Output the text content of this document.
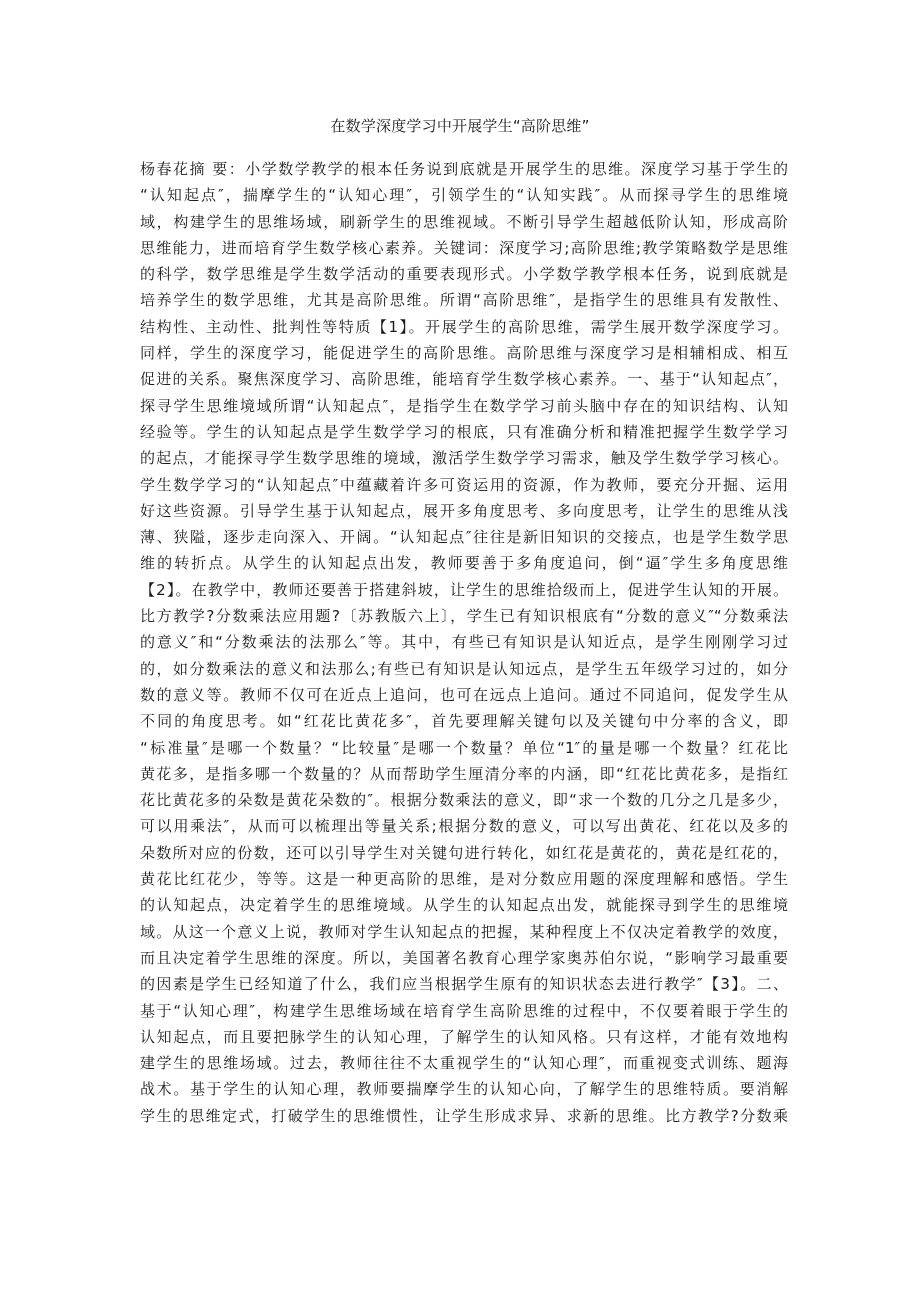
在数学深度学习中开展学生“高阶思维”
杨春花摘 要：小学数学教学的根本任务说到底就是开展学生的思维。深度学习基于学生的
“认知起点″，揣摩学生的“认知心理″，引领学生的“认知实践″。从而探寻学生的思维境
域，构建学生的思维场域，刷新学生的思维视域。不断引导学生超越低阶认知，形成高阶
思维能力，进而培育学生数学核心素养。关键词：深度学习;高阶思维;教学策略数学是思维
的科学，数学思维是学生数学活动的重要表现形式。小学数学教学根本任务，说到底就是
培养学生的数学思维，尤其是高阶思维。所谓“高阶思维″，是指学生的思维具有发散性、
结构性、主动性、批判性等特质【1】。开展学生的高阶思维，需学生展开数学深度学习。
同样，学生的深度学习，能促进学生的高阶思维。高阶思维与深度学习是相辅相成、相互
促进的关系。聚焦深度学习、高阶思维，能培育学生数学核心素养。一、基于“认知起点″，
探寻学生思维境域所谓“认知起点″，是指学生在数学学习前头脑中存在的知识结构、认知
经验等。学生的认知起点是学生数学学习的根底，只有准确分析和精准把握学生数学学习
的起点，才能探寻学生数学思维的境域，激活学生数学学习需求，触及学生数学学习核心。
学生数学学习的“认知起点″中蕴藏着许多可资运用的资源，作为教师，要充分开掘、运用
好这些资源。引导学生基于认知起点，展开多角度思考、多向度思考，让学生的思维从浅
薄、狭隘，逐步走向深入、开阔。“认知起点″往往是新旧知识的交接点，也是学生数学思
维的转折点。从学生的认知起点出发，教师要善于多角度追问，倒“逼″学生多角度思维
【2】。在教学中，教师还要善于搭建斜坡，让学生的思维拾级而上，促进学生认知的开展。
比方教学?分数乘法应用题?〔苏教版六上〕，学生已有知识根底有“分数的意义″“分数乘法
的意义″和“分数乘法的法那么″等。其中，有些已有知识是认知近点，是学生刚刚学习过
的，如分数乘法的意义和法那么;有些已有知识是认知远点，是学生五年级学习过的，如分
数的意义等。教师不仅可在近点上追问，也可在远点上追问。通过不同追问，促发学生从
不同的角度思考。如“红花比黄花多″，首先要理解关键句以及关键句中分率的含义，即
“标准量″是哪一个数量？“比较量″是哪一个数量？单位“1″的量是哪一个数量？红花比
黄花多，是指多哪一个数量的？从而帮助学生厘清分率的内涵，即“红花比黄花多，是指红
花比黄花多的朵数是黄花朵数的″。根据分数乘法的意义，即“求一个数的几分之几是多少，
可以用乘法″，从而可以梳理出等量关系;根据分数的意义，可以写出黄花、红花以及多的
朵数所对应的份数，还可以引导学生对关键句进行转化，如红花是黄花的，黄花是红花的，
黄花比红花少，等等。这是一种更高阶的思维，是对分数应用题的深度理解和感悟。学生
的认知起点，决定着学生的思维境域。从学生的认知起点出发，就能探寻到学生的思维境
域。从这一个意义上说，教师对学生认知起点的把握，某种程度上不仅决定着教学的效度，
而且决定着学生思维的深度。所以，美国著名教育心理学家奥苏伯尔说，“影响学习最重要
的因素是学生已经知道了什么，我们应当根据学生原有的知识状态去进行教学″【3】。二、
基于“认知心理″，构建学生思维场域在培育学生高阶思维的过程中，不仅要着眼于学生的
认知起点，而且要把脉学生的认知心理，了解学生的认知风格。只有这样，才能有效地构
建学生的思维场域。过去，教师往往不太重视学生的“认知心理″，而重视变式训练、题海
战术。基于学生的认知心理，教师要揣摩学生的认知心向，了解学生的思维特质。要消解
学生的思维定式，打破学生的思维惯性，让学生形成求异、求新的思维。比方教学?分数乘
